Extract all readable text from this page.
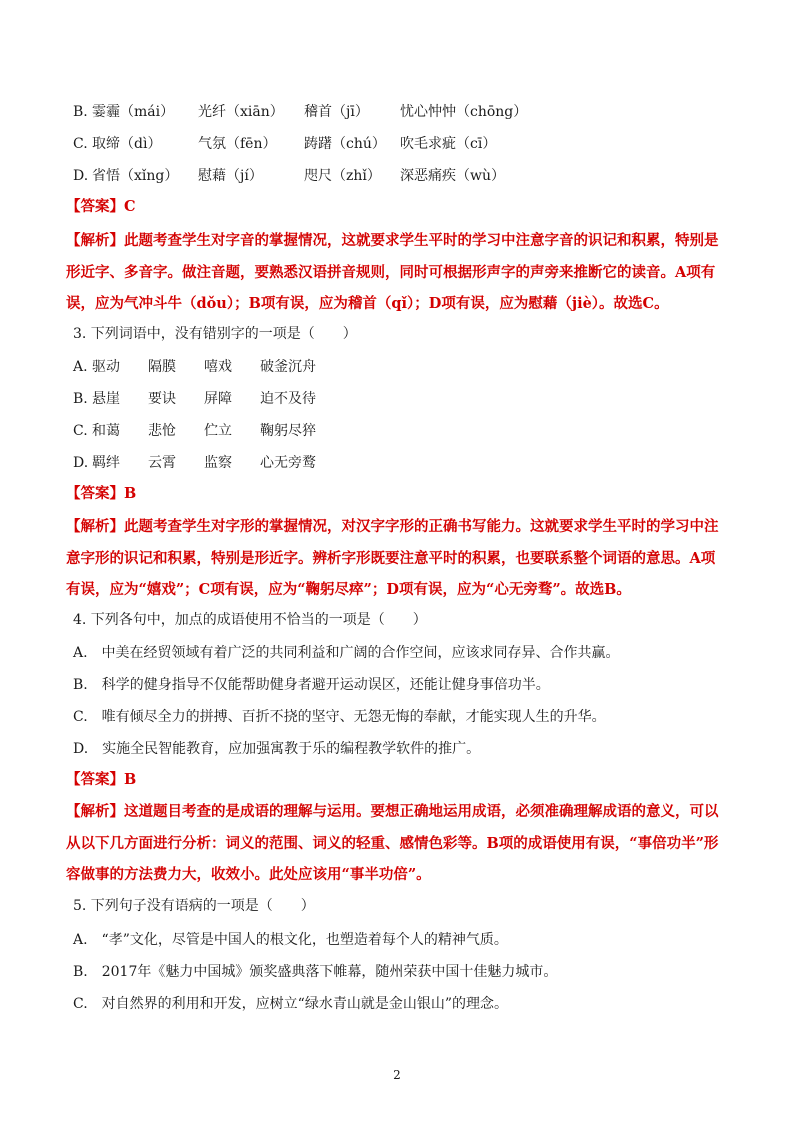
B. 霎霾（mái） 光纤（xiān） 稽首（jī） 忧心忡忡（chōng）
C. 取缔（dì）	气氛（fēn） 踌躇（chú） 吹毛求疵（cī）
D. 省悟（xǐng） 慰藉（jí）	咫尺（zhǐ） 深恶痛疾（wù）
【答案】C
【解析】此题考查学生对字音的掌握情况，这就要求学生平时的学习中注意字音的识记和积累，特别是形近字、多音字。做注音题，要熟悉汉语拼音规则，同时可根据形声字的声旁来推断它的读音。A项有误，应为气冲斗牛（dǒu）；B项有误，应为稽首（qǐ）；D项有误，应为慰藉（jiè）。故选C。
3. 下列词语中，没有错别字的一项是（　　）
A. 驱动 隔膜 嘻戏 破釜沉舟
B. 悬崖 要诀 屏障 迫不及待
C. 和蔼 悲怆 伫立 鞠躬尽猝
D. 羁绊 云霄 监察 心无旁鹜
【答案】B
【解析】此题考查学生对字形的掌握情况，对汉字字形的正确书写能力。这就要求学生平时的学习中注意字形的识记和积累，特别是形近字。辨析字形既要注意平时的积累，也要联系整个词语的意思。A项有误，应为“嬉戏”；C项有误，应为“鞠躬尽瘁”；D项有误，应为“心无旁骛”。故选B。
4. 下列各句中，加点的成语使用不恰当的一项是（　　）
A.　中美在经贸领域有着广泛的共同利益和广阔的合作空间，应该求同存异、合作共赢。
B.　科学的健身指导不仅能帮助健身者避开运动误区，还能让健身事倍功半。
C.　唯有倾尽全力的拼搏、百折不挠的坚守、无怨无悔的奉献，才能实现人生的升华。
D.　实施全民智能教育，应加强寓教于乐的编程教学软件的推广。
【答案】B
【解析】这道题目考查的是成语的理解与运用。要想正确地运用成语，必须准确理解成语的意义，可以从以下几方面进行分析：词义的范围、词义的轻重、感情色彩等。B项的成语使用有误，“事倍功半”形容做事的方法费力大，收效小。此处应该用“事半功倍”。
5. 下列句子没有语病的一项是（　　）
A.　“孝”文化，尽管是中国人的根文化，也塑造着每个人的精神气质。
B.　2017年《魅力中国城》颁奖盛典落下帷幕，随州荣获中国十佳魅力城市。
C.　对自然界的利用和开发，应树立“绿水青山就是金山银山”的理念。
2
